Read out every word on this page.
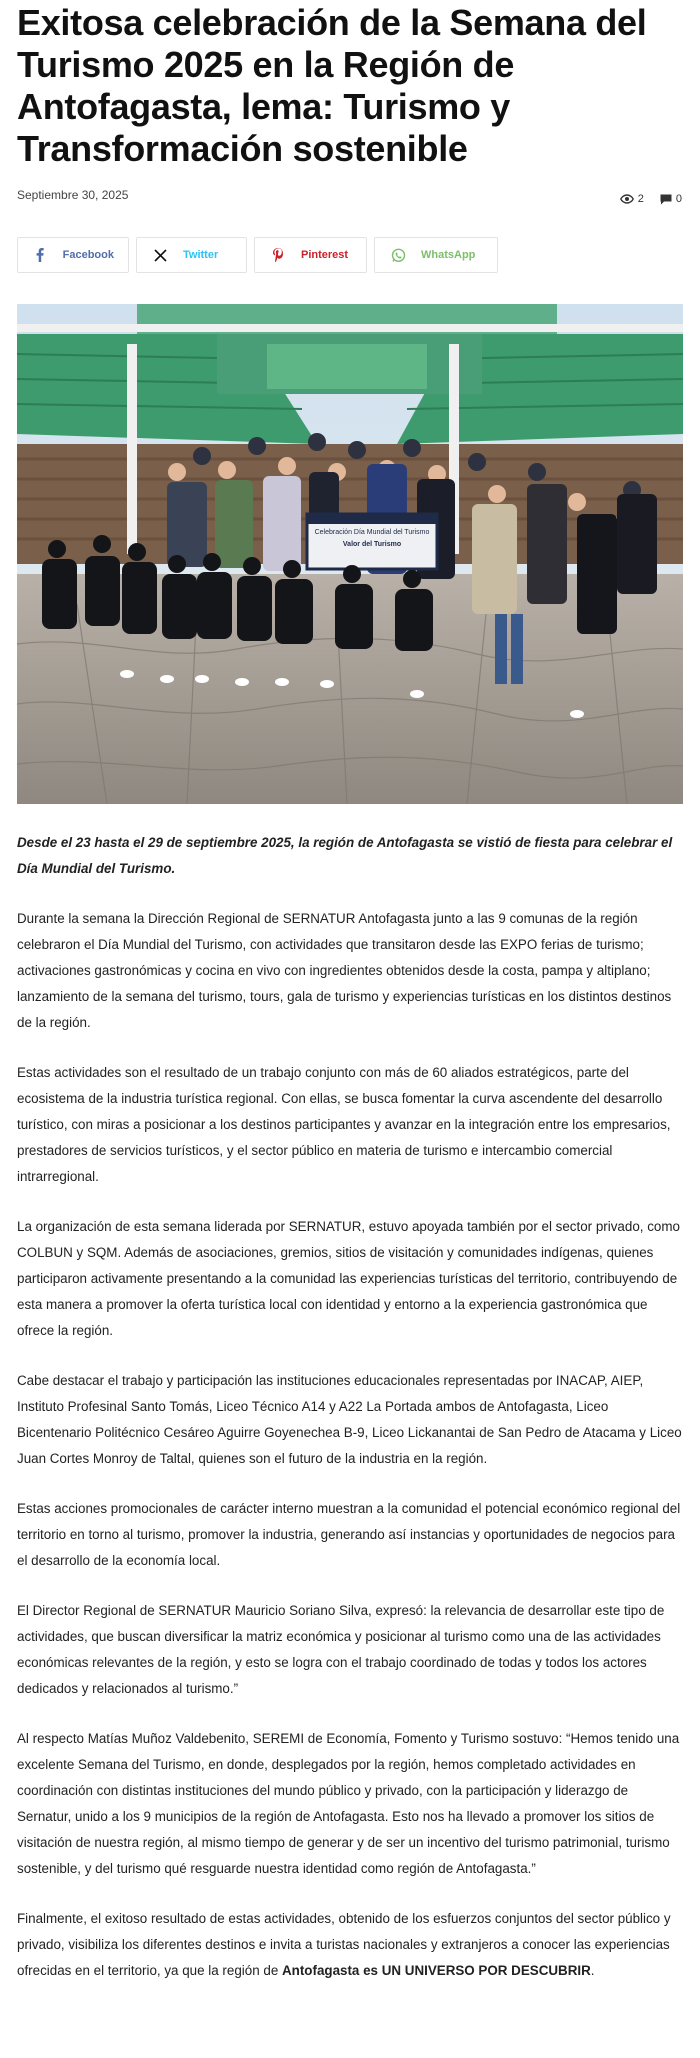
Exitosa celebración de la Semana del Turismo 2025 en la Región de Antofagasta, lema: Turismo y Transformación sostenible
Septiembre 30, 2025	2	0
Facebook	Twitter	Pinterest	WhatsApp
Celebración Día Mundial del Turismo
Valor del Turismo

Desde el 23 hasta el 29 de septiembre 2025, la región de Antofagasta se vistió de fiesta para celebrar el Día Mundial del Turismo.

Durante la semana la Dirección Regional de SERNATUR Antofagasta junto a las 9 comunas de la región celebraron el Día Mundial del Turismo, con actividades que transitaron desde las EXPO ferias de turismo; activaciones gastronómicas y cocina en vivo con ingredientes obtenidos desde la costa, pampa y altiplano; lanzamiento de la semana del turismo, tours, gala de turismo y experiencias turísticas en los distintos destinos de la región.

Estas actividades son el resultado de un trabajo conjunto con más de 60 aliados estratégicos, parte del ecosistema de la industria turística regional. Con ellas, se busca fomentar la curva ascendente del desarrollo turístico, con miras a posicionar a los destinos participantes y avanzar en la integración entre los empresarios, prestadores de servicios turísticos, y el sector público en materia de turismo e intercambio comercial intrarregional.

La organización de esta semana liderada por SERNATUR, estuvo apoyada también por el sector privado, como COLBUN y SQM. Además de asociaciones, gremios, sitios de visitación y comunidades indígenas, quienes participaron activamente presentando a la comunidad las experiencias turísticas del territorio, contribuyendo de esta manera a promover la oferta turística local con identidad y entorno a la experiencia gastronómica que ofrece la región.

Cabe destacar el trabajo y participación las instituciones educacionales representadas por INACAP, AIEP, Instituto Profesinal Santo Tomás, Liceo Técnico A14 y A22 La Portada ambos de Antofagasta, Liceo Bicentenario Politécnico Cesáreo Aguirre Goyenechea B-9, Liceo Lickanantai de San Pedro de Atacama y Liceo Juan Cortes Monroy de Taltal, quienes son el futuro de la industria en la región.

Estas acciones promocionales de carácter interno muestran a la comunidad el potencial económico regional del territorio en torno al turismo, promover la industria, generando así instancias y oportunidades de negocios para el desarrollo de la economía local.

El Director Regional de SERNATUR Mauricio Soriano Silva, expresó: la relevancia de desarrollar este tipo de actividades, que buscan diversificar la matriz económica y posicionar al turismo como una de las actividades económicas relevantes de la región, y esto se logra con el trabajo coordinado de todas y todos los actores dedicados y relacionados al turismo.”

Al respecto Matías Muñoz Valdebenito, SEREMI de Economía, Fomento y Turismo sostuvo: “Hemos tenido una excelente Semana del Turismo, en donde, desplegados por la región, hemos completado actividades en coordinación con distintas instituciones del mundo público y privado, con la participación y liderazgo de Sernatur, unido a los 9 municipios de la región de Antofagasta. Esto nos ha llevado a promover los sitios de visitación de nuestra región, al mismo tiempo de generar y de ser un incentivo del turismo patrimonial, turismo sostenible, y del turismo qué resguarde nuestra identidad como región de Antofagasta.”

Finalmente, el exitoso resultado de estas actividades, obtenido de los esfuerzos conjuntos del sector público y privado, visibiliza los diferentes destinos e invita a turistas nacionales y extranjeros a conocer las experiencias ofrecidas en el territorio, ya que la región de Antofagasta es UN UNIVERSO POR DESCUBRIR.
